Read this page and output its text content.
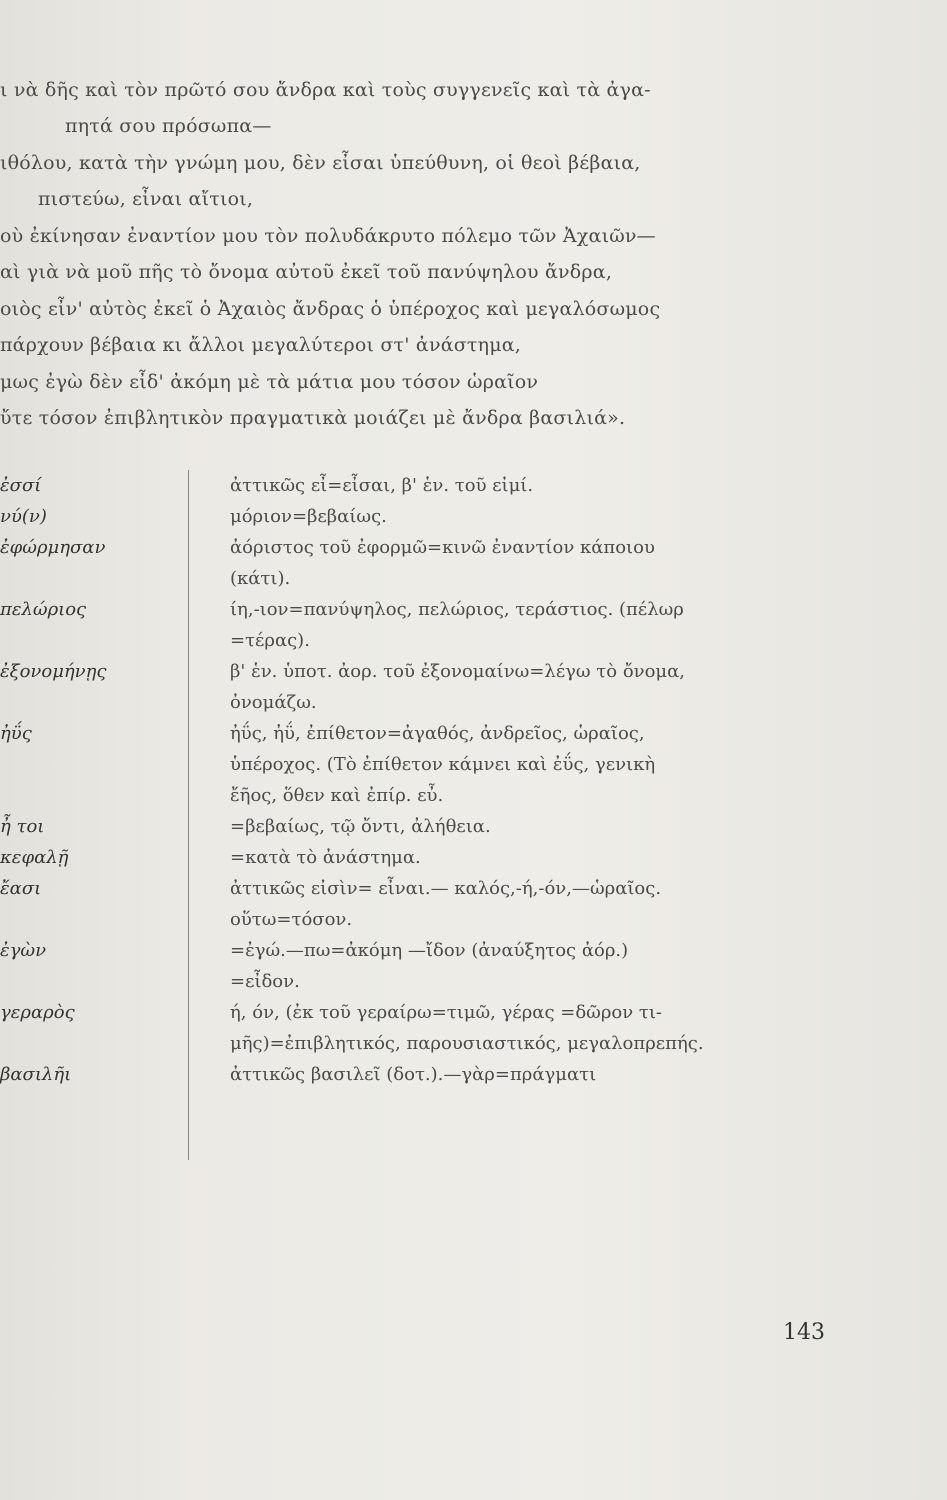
ι νὰ δῆς καὶ τὸν πρῶτό σου ἄνδρα καὶ τοὺς συγγενεῖς καὶ τὰ ἀγα-
πητά σου πρόσωπα—
ιθόλου, κατὰ τὴν γνώμη μου, δὲν εἶσαι ὑπεύθυνη, οἱ θεοὶ βέβαια,
πιστεύω, εἶναι αἴτιοι,
οὺ ἐκίνησαν ἐναντίον μου τὸν πολυδάκρυτο πόλεμο τῶν Ἀχαιῶν—
αὶ γιὰ νὰ μοῦ πῆς τὸ ὄνομα αὐτοῦ ἐκεῖ τοῦ πανύψηλου ἄνδρα,
οιὸς εἶν' αὐτὸς ἐκεῖ ὁ Ἀχαιὸς ἄνδρας ὁ ὑπέροχος καὶ μεγαλόσωμος
πάρχουν βέβαια κι ἄλλοι μεγαλύτεροι στ' ἀνάστημα,
μως ἐγὼ δὲν εἶδ' ἀκόμη μὲ τὰ μάτια μου τόσον ὡραῖον
ὔτε τόσον ἐπιβλητικὸν πραγματικὰ μοιάζει μὲ ἄνδρα βασιλιά».
ἐσσί	ἀττικῶς εἶ=εἶσαι, β' ἑν. τοῦ εἰμί.
νύ(ν)	μόριον=βεβαίως.
ἐφώρμησαν	ἀόριστος τοῦ ἐφορμῶ=κινῶ ἐναντίον κάποιου
(κάτι).
πελώριος	ίη,-ιον=πανύψηλος, πελώριος, τεράστιος. (πέλωρ
=τέρας).
ἐξονομήνῃς	β' ἑν. ὑποτ. ἀορ. τοῦ ἐξονομαίνω=λέγω τὸ ὄνομα,
ὀνομάζω.
ἠΰς	ἠΰς, ἠΰ, ἐπίθετον=ἀγαθός, ἀνδρεῖος, ὡραῖος,
ὑπέροχος. (Τὸ ἐπίθετον κάμνει καὶ ἐΰς, γενικὴ
ἔῆος, ὅθεν καὶ ἐπίρ. εὖ.
ἦ τοι	=βεβαίως, τῷ ὄντι, ἀλήθεια.
κεφαλῇ	=κατὰ τὸ ἀνάστημα.
ἔασι	ἀττικῶς εἰσὶν= εἶναι.— καλός,-ή,-όν,—ὡραῖος.
οὕτω=τόσον.
ἐγὼν	=ἐγώ.—πω=ἀκόμη —ἴδον (ἀναύξητος ἀόρ.)
=εἶδον.
γεραρὸς	ή, όν, (ἐκ τοῦ γεραίρω=τιμῶ, γέρας =δῶρον τι-
μῆς)=ἐπιβλητικός, παρουσιαστικός, μεγαλοπρεπής.
βασιλῆι	ἀττικῶς βασιλεῖ (δοτ.).—γὰρ=πράγματι
143
